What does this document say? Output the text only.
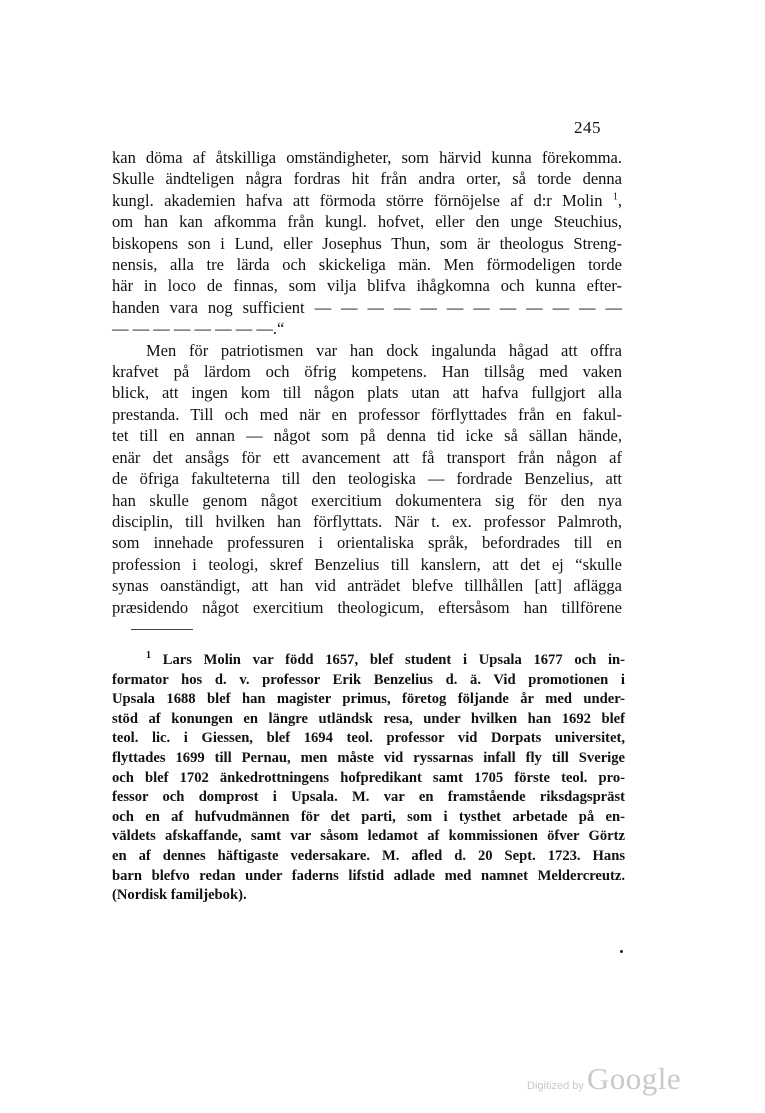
245
kan döma af åtskilliga omständigheter, som härvid kunna förekomma.
Skulle ändteligen några fordras hit från andra orter, så torde denna
kungl. akademien hafva att förmoda större förnöjelse af d:r Molin $^1$,
om han kan afkomma från kungl. hofvet, eller den unge Steuchius,
biskopens son i Lund, eller Josephus Thun, som är theologus Streng-
nensis, alla tre lärda och skickeliga män. Men förmodeligen torde
här in loco de finnas, som vilja blifva ihågkomna och kunna efter-
handen vara nog sufficient — — — — — — — — — — — —
— — — — — — — —.“
Men för patriotismen var han dock ingalunda hågad att offra
krafvet på lärdom och öfrig kompetens. Han tillsåg med vaken
blick, att ingen kom till någon plats utan att hafva fullgjort alla
prestanda. Till och med när en professor förflyttades från en fakul-
tet till en annan — något som på denna tid icke så sällan hände,
enär det ansågs för ett avancement att få transport från någon af
de öfriga fakulteterna till den teologiska — fordrade Benzelius, att
han skulle genom något exercitium dokumentera sig för den nya
disciplin, till hvilken han förflyttats. När t. ex. professor Palmroth,
som innehade professuren i orientaliska språk, befordrades till en
profession i teologi, skref Benzelius till kanslern, att det ej “skulle
synas oanständigt, att han vid anträdet blefve tillhållen [att] aflägga
præsidendo något exercitium theologicum, eftersåsom han tillförene
$^1$ Lars Molin var född 1657, blef student i Upsala 1677 och in-
formator hos d. v. professor Erik Benzelius d. ä. Vid promotionen i
Upsala 1688 blef han magister primus, företog följande år med under-
stöd af konungen en längre utländsk resa, under hvilken han 1692 blef
teol. lic. i Giessen, blef 1694 teol. professor vid Dorpats universitet,
flyttades 1699 till Pernau, men måste vid ryssarnas infall fly till Sverige
och blef 1702 änkedrottningens hofpredikant samt 1705 förste teol. pro-
fessor och domprost i Upsala. M. var en framstående riksdagspräst
och en af hufvudmännen för det parti, som i tysthet arbetade på en-
väldets afskaffande, samt var såsom ledamot af kommissionen öfver Görtz
en af dennes häftigaste vedersakare. M. afled d. 20 Sept. 1723. Hans
barn blefvo redan under faderns lifstid adlade med namnet Meldercreutz.
(Nordisk familjebok).
Digitized by Google
